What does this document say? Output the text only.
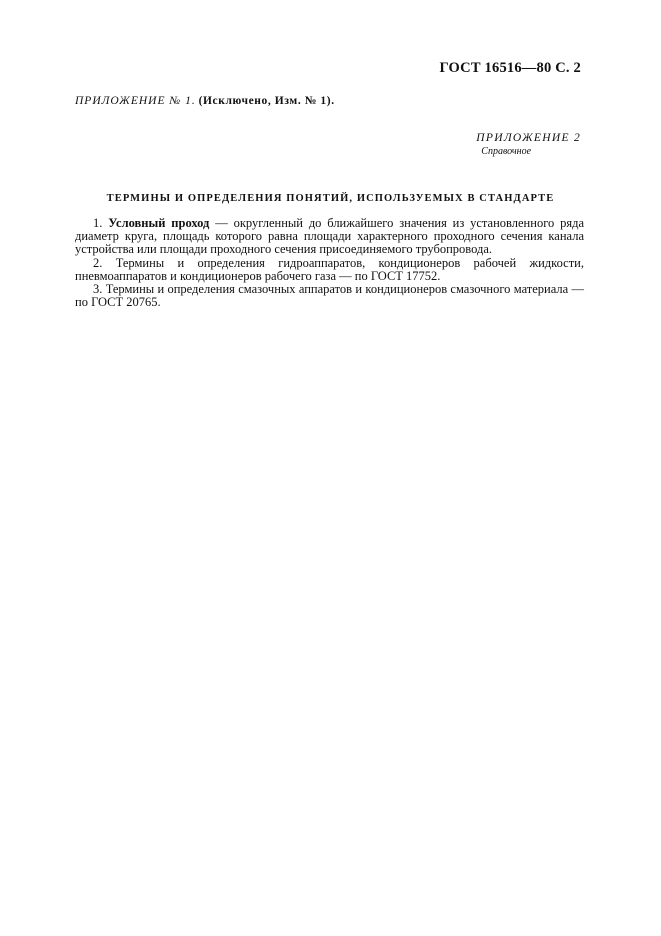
ГОСТ 16516—80 С. 2
ПРИЛОЖЕНИЕ № 1. (Исключено, Изм. № 1).
ПРИЛОЖЕНИЕ 2
Справочное
ТЕРМИНЫ И ОПРЕДЕЛЕНИЯ ПОНЯТИЙ, ИСПОЛЬЗУЕМЫХ В СТАНДАРТЕ

1. Условный проход — округленный до ближайшего значения из установленного ряда диаметр круга, площадь которого равна площади характерного проходного сечения канала устройства или площади проходного сечения присоединяемого трубопровода.

2. Термины и определения гидроаппаратов, кондиционеров рабочей жидкости, пневмоаппаратов и кондиционеров рабочего газа — по ГОСТ 17752.

3. Термины и определения смазочных аппаратов и кондиционеров смазочного материала — по ГОСТ 20765.
